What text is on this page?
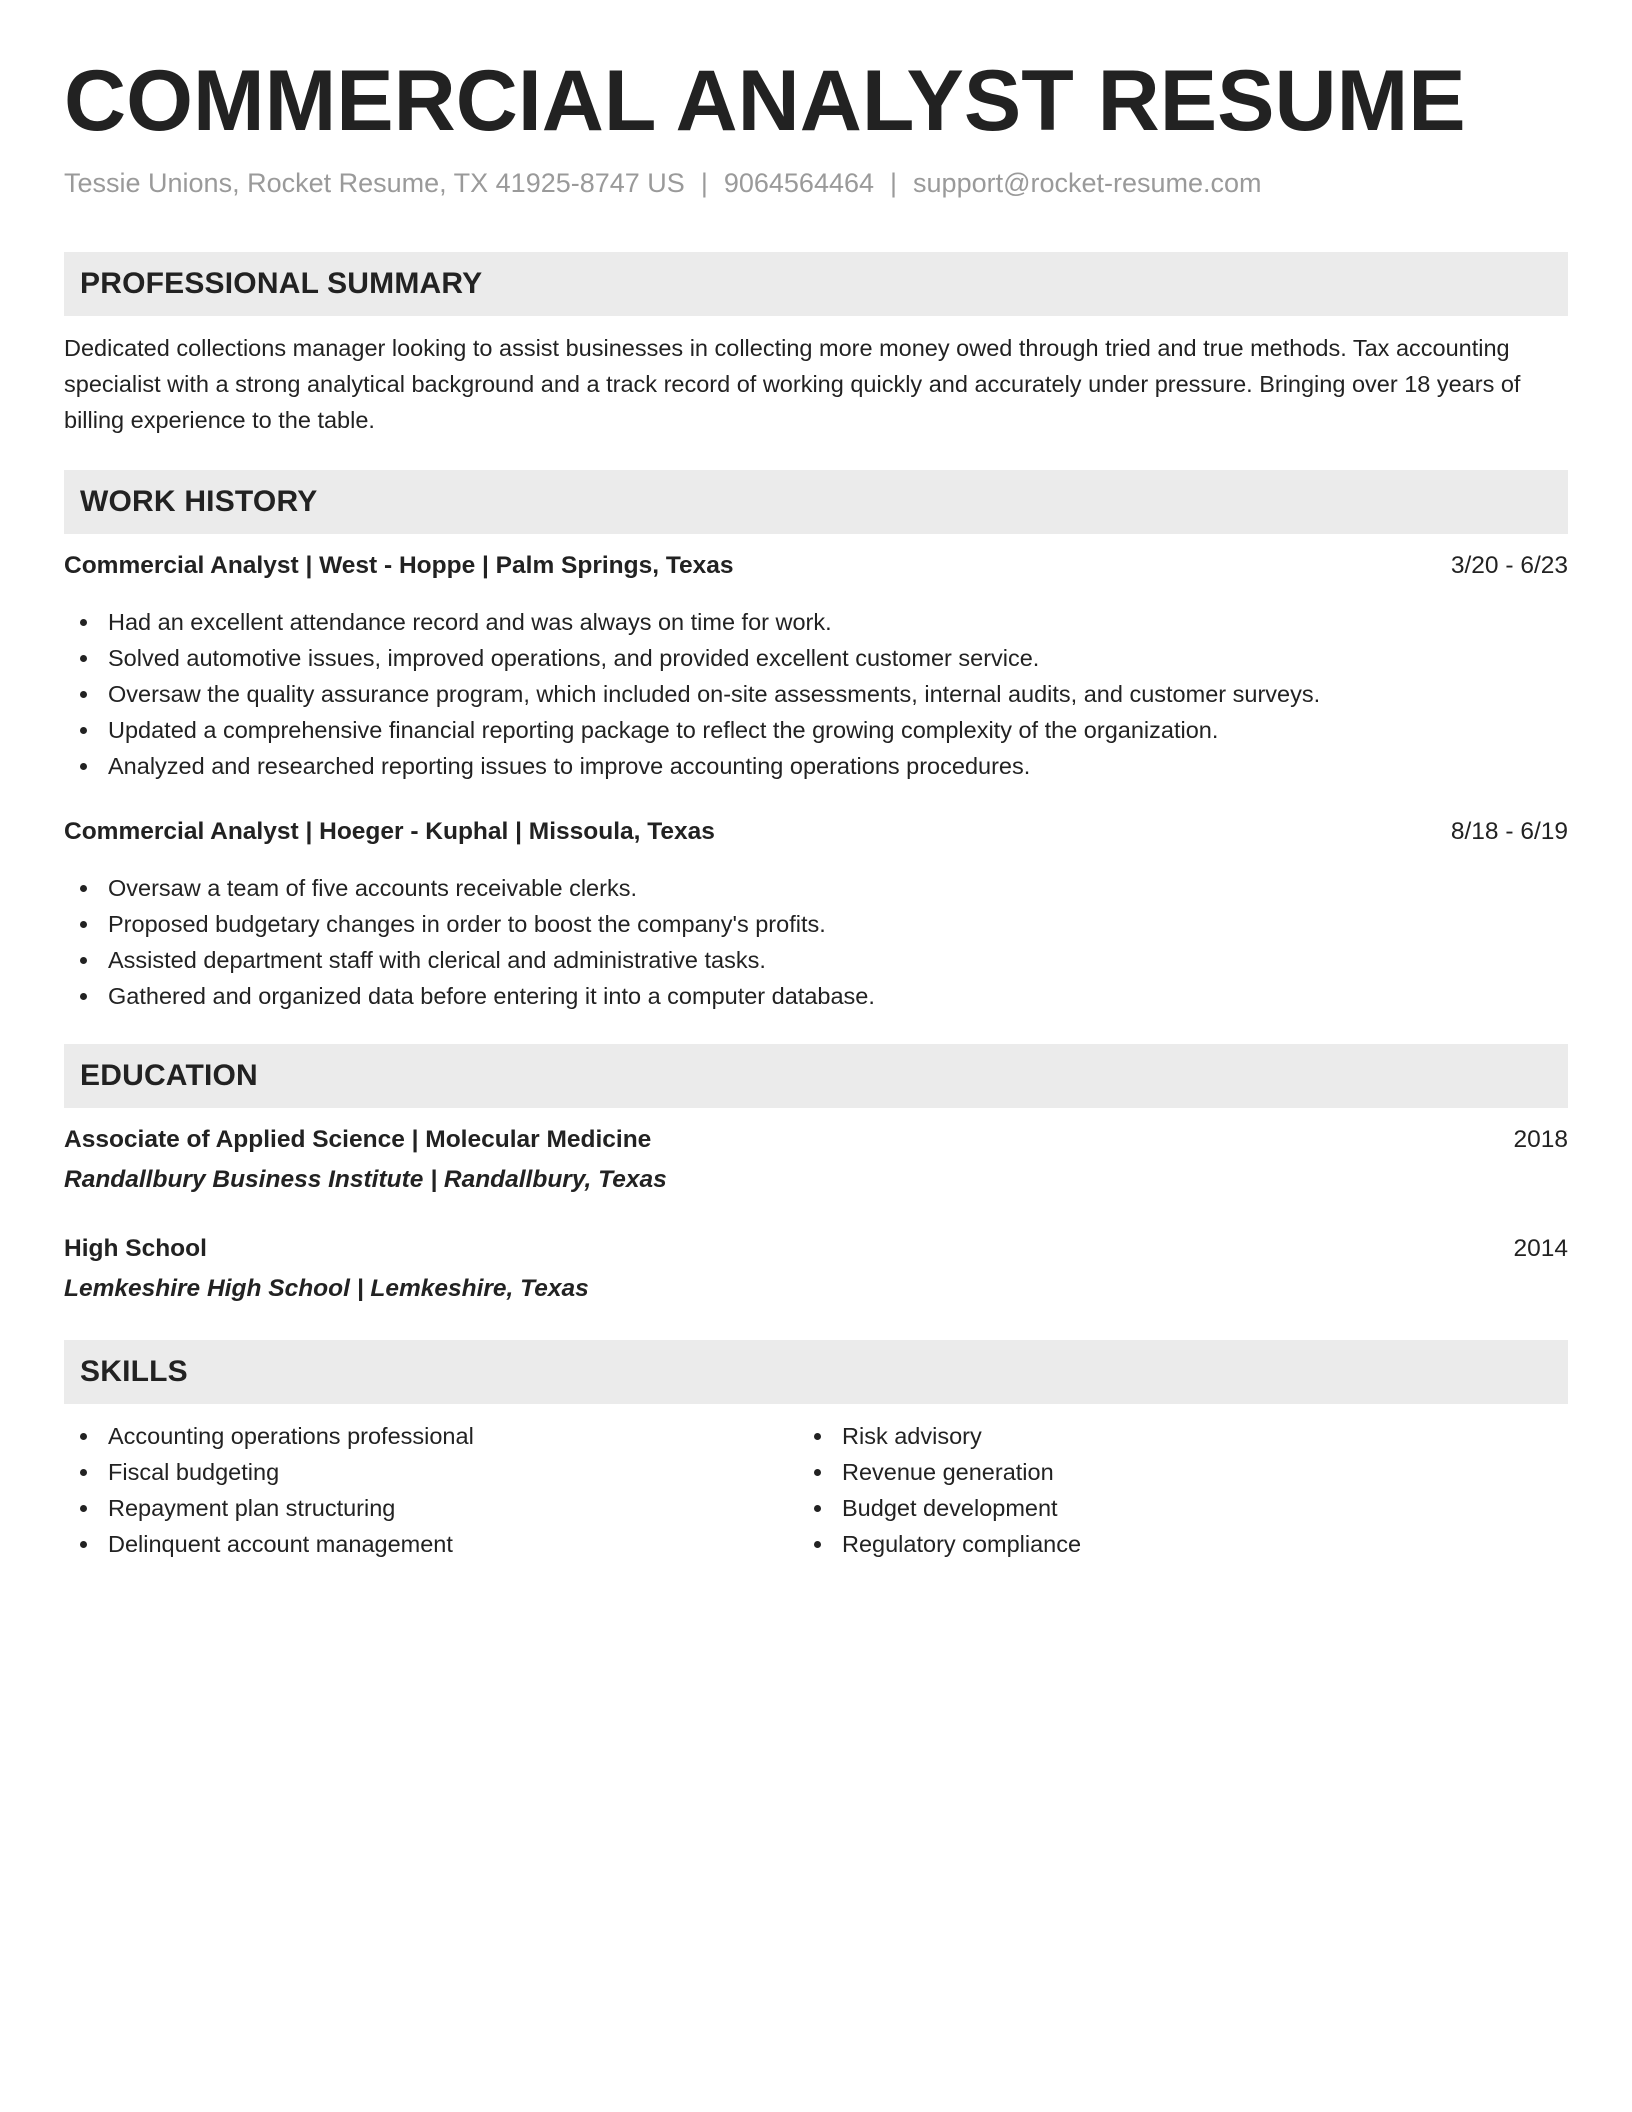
COMMERCIAL ANALYST RESUME
Tessie Unions, Rocket Resume, TX 41925-8747 US | 9064564464 | support@rocket-resume.com
PROFESSIONAL SUMMARY

Dedicated collections manager looking to assist businesses in collecting more money owed through tried and true methods. Tax accounting specialist with a strong analytical background and a track record of working quickly and accurately under pressure. Bringing over 18 years of billing experience to the table.

WORK HISTORY
Commercial Analyst | West - Hoppe | Palm Springs, Texas	3/20 - 6/23
Had an excellent attendance record and was always on time for work.
Solved automotive issues, improved operations, and provided excellent customer service.
Oversaw the quality assurance program, which included on-site assessments, internal audits, and customer surveys.
Updated a comprehensive financial reporting package to reflect the growing complexity of the organization.
Analyzed and researched reporting issues to improve accounting operations procedures.
Commercial Analyst | Hoeger - Kuphal | Missoula, Texas	8/18 - 6/19
Oversaw a team of five accounts receivable clerks.
Proposed budgetary changes in order to boost the company's profits.
Assisted department staff with clerical and administrative tasks.
Gathered and organized data before entering it into a computer database.
EDUCATION
Associate of Applied Science | Molecular Medicine	2018
Randallbury Business Institute | Randallbury, Texas
High School	2014
Lemkeshire High School | Lemkeshire, Texas
SKILLS
Accounting operations professional
Fiscal budgeting
Repayment plan structuring
Delinquent account management
Risk advisory
Revenue generation
Budget development
Regulatory compliance
